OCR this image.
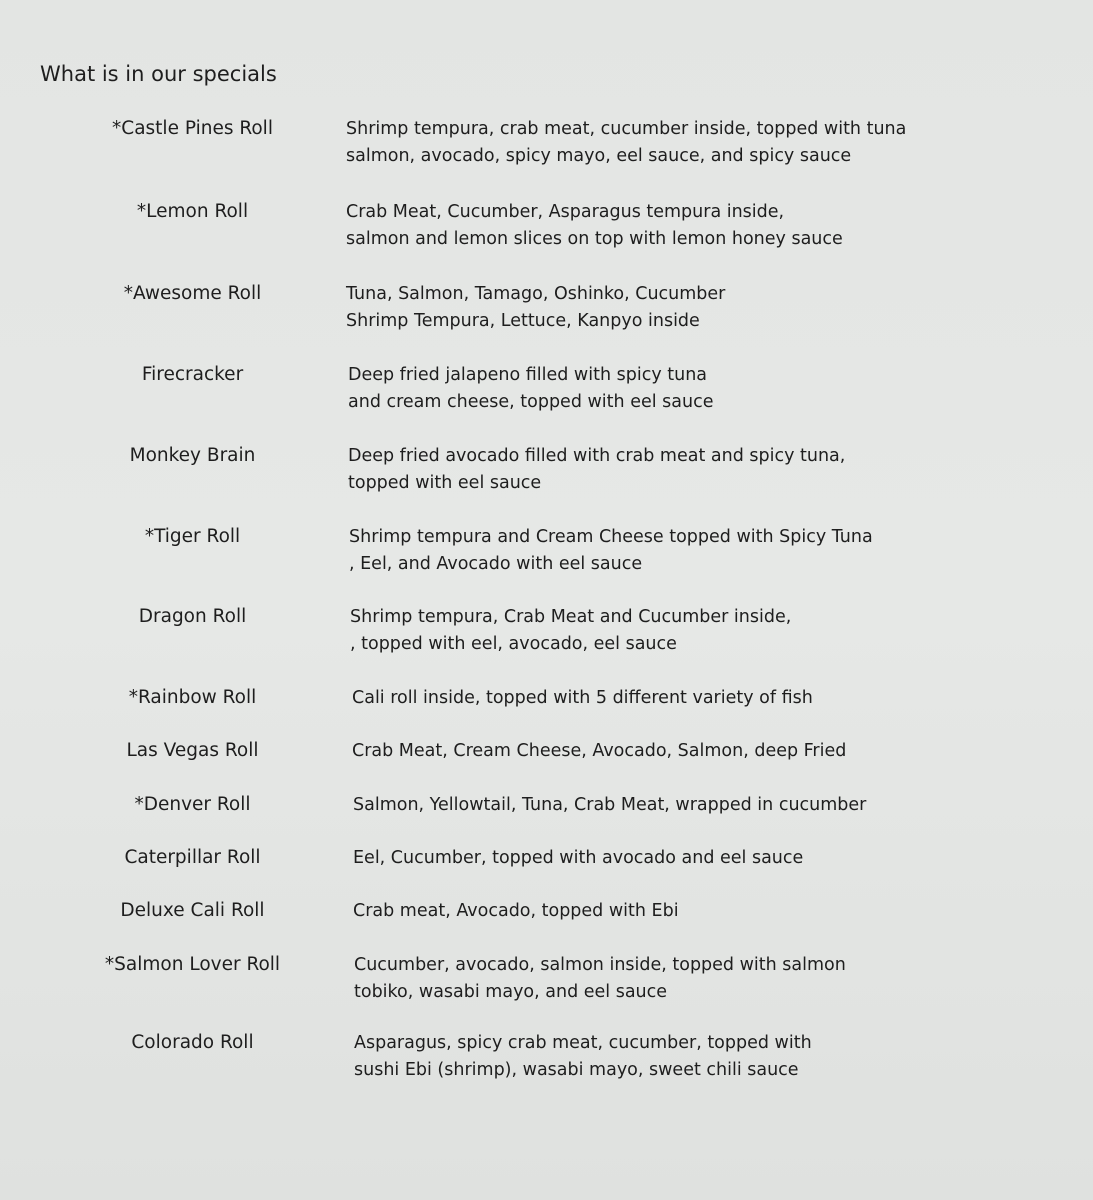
What is in our specials
*Castle Pines Roll	Shrimp tempura, crab meat, cucumber inside, topped with tuna
salmon, avocado, spicy mayo, eel sauce, and spicy sauce
*Lemon Roll	Crab Meat, Cucumber, Asparagus tempura inside,
salmon and lemon slices on top with lemon honey sauce
*Awesome Roll	Tuna, Salmon, Tamago, Oshinko, Cucumber
Shrimp Tempura, Lettuce, Kanpyo inside
Firecracker	Deep fried jalapeno filled with spicy tuna
and cream cheese, topped with eel sauce
Monkey Brain	Deep fried avocado filled with crab meat and spicy tuna,
topped with eel sauce
*Tiger Roll	Shrimp tempura and Cream Cheese topped with Spicy Tuna
, Eel, and Avocado with eel sauce
Dragon Roll	Shrimp tempura, Crab Meat and Cucumber inside,
, topped with eel, avocado, eel sauce
*Rainbow Roll	Cali roll inside, topped with 5 different variety of fish
Las Vegas Roll	Crab Meat, Cream Cheese, Avocado, Salmon, deep Fried
*Denver Roll	Salmon, Yellowtail, Tuna, Crab Meat, wrapped in cucumber
Caterpillar Roll	Eel, Cucumber, topped with avocado and eel sauce
Deluxe Cali Roll	Crab meat, Avocado, topped with Ebi
*Salmon Lover Roll	Cucumber, avocado, salmon inside, topped with salmon
tobiko, wasabi mayo, and eel sauce
Colorado Roll	Asparagus, spicy crab meat, cucumber, topped with
sushi Ebi (shrimp), wasabi mayo, sweet chili sauce
